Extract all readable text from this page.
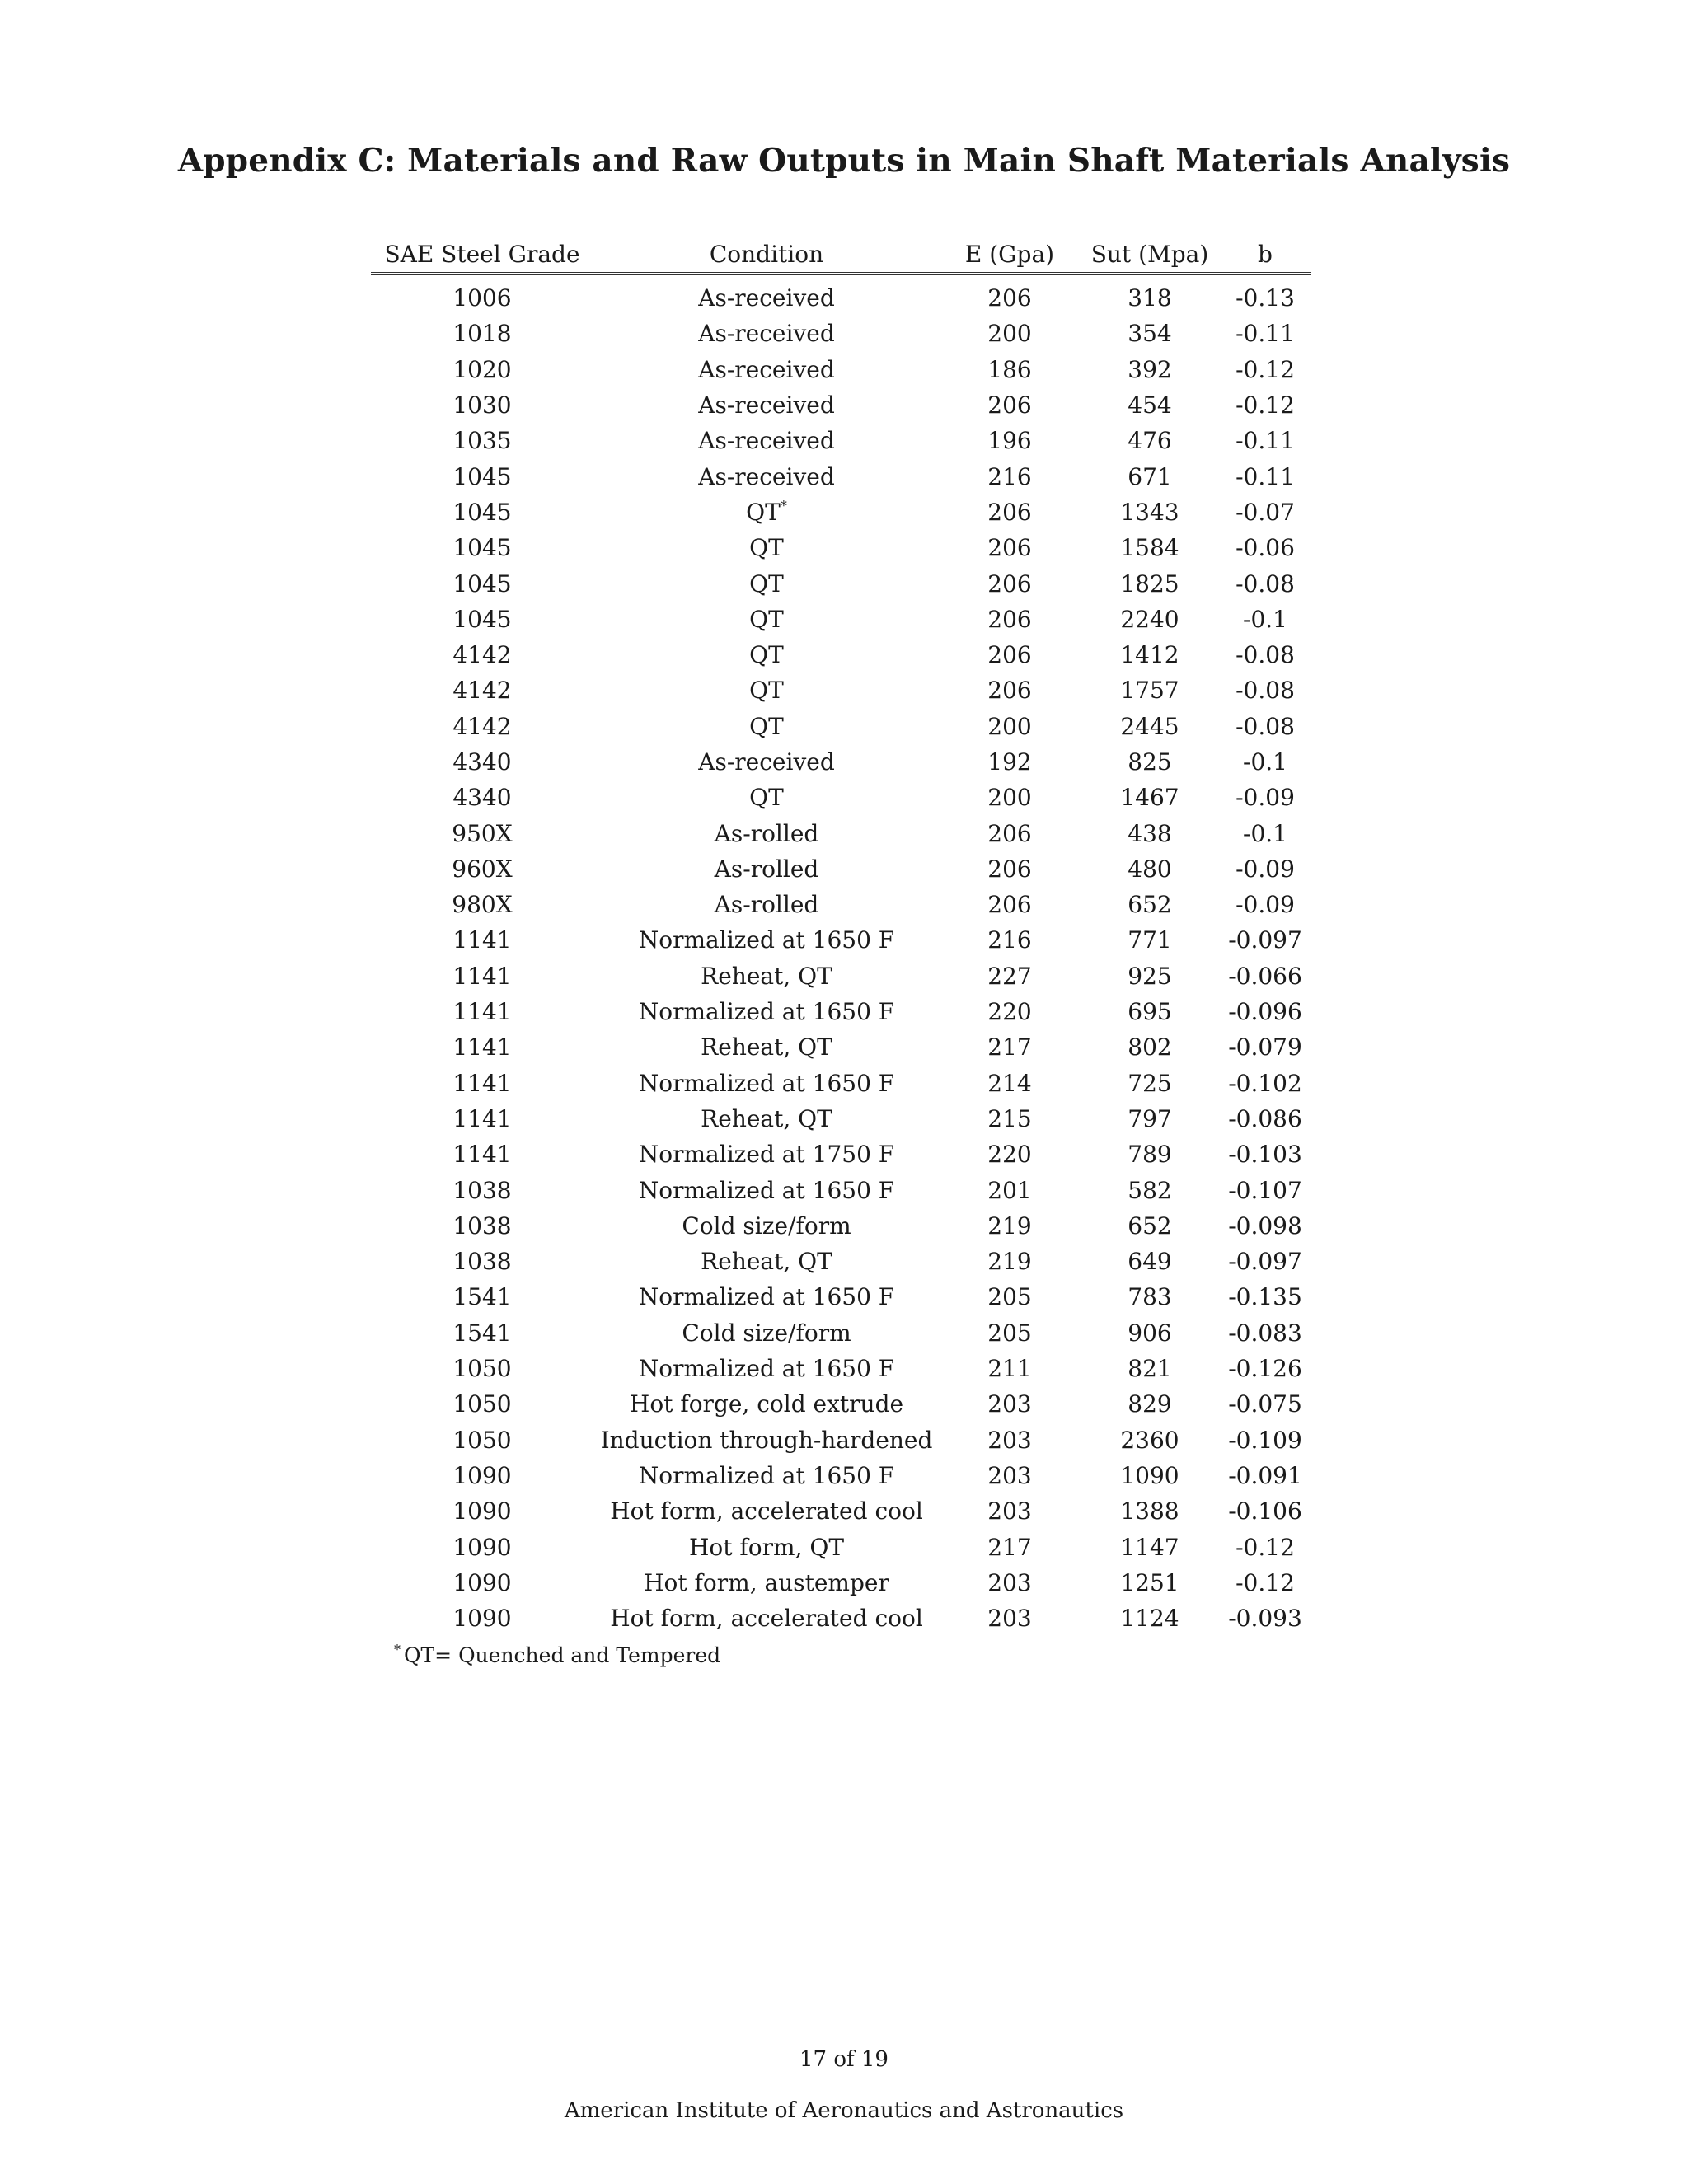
Appendix C: Materials and Raw Outputs in Main Shaft Materials Analysis
SAE Steel Grade	Condition	E (Gpa)	Sut (Mpa)	b
1006	As-received	206	318	-0.13
1018	As-received	200	354	-0.11
1020	As-received	186	392	-0.12
1030	As-received	206	454	-0.12
1035	As-received	196	476	-0.11
1045	As-received	216	671	-0.11
1045	QT*	206	1343	-0.07
1045	QT	206	1584	-0.06
1045	QT	206	1825	-0.08
1045	QT	206	2240	-0.1
4142	QT	206	1412	-0.08
4142	QT	206	1757	-0.08
4142	QT	200	2445	-0.08
4340	As-received	192	825	-0.1
4340	QT	200	1467	-0.09
950X	As-rolled	206	438	-0.1
960X	As-rolled	206	480	-0.09
980X	As-rolled	206	652	-0.09
1141	Normalized at 1650 F	216	771	-0.097
1141	Reheat, QT	227	925	-0.066
1141	Normalized at 1650 F	220	695	-0.096
1141	Reheat, QT	217	802	-0.079
1141	Normalized at 1650 F	214	725	-0.102
1141	Reheat, QT	215	797	-0.086
1141	Normalized at 1750 F	220	789	-0.103
1038	Normalized at 1650 F	201	582	-0.107
1038	Cold size/form	219	652	-0.098
1038	Reheat, QT	219	649	-0.097
1541	Normalized at 1650 F	205	783	-0.135
1541	Cold size/form	205	906	-0.083
1050	Normalized at 1650 F	211	821	-0.126
1050	Hot forge, cold extrude	203	829	-0.075
1050	Induction through-hardened	203	2360	-0.109
1090	Normalized at 1650 F	203	1090	-0.091
1090	Hot form, accelerated cool	203	1388	-0.106
1090	Hot form, QT	217	1147	-0.12
1090	Hot form, austemper	203	1251	-0.12
1090	Hot form, accelerated cool	203	1124	-0.093
* QT= Quenched and Tempered
17 of 19
American Institute of Aeronautics and Astronautics
